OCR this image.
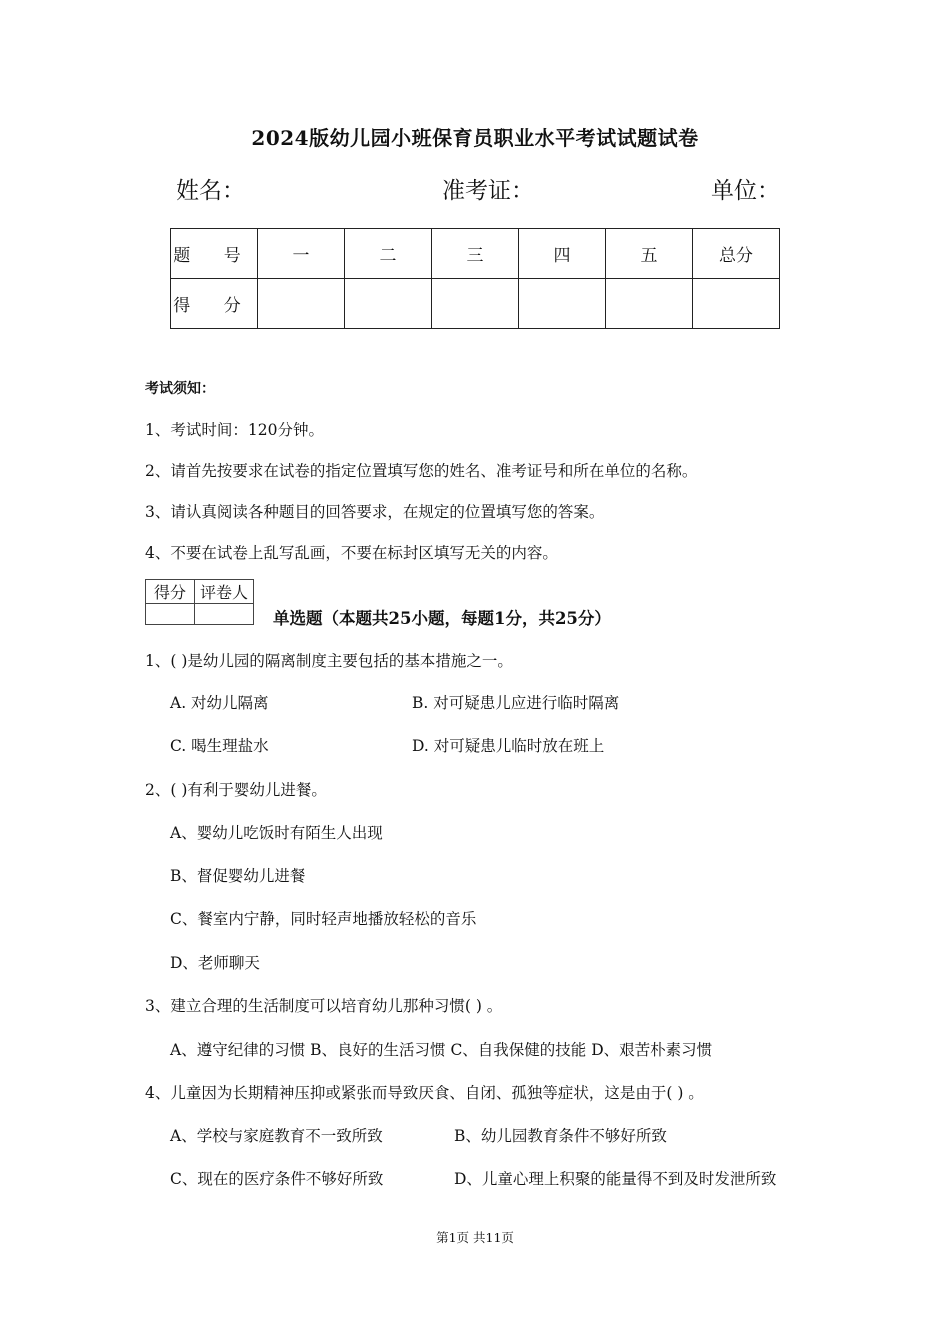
2024版幼儿园小班保育员职业水平考试试题试卷
姓名：	准考证：	单位：
题 号	一	二	三	四	五	总分
得 分						
考试须知：
1、考试时间：120分钟。
2、请首先按要求在试卷的指定位置填写您的姓名、准考证号和所在单位的名称。
3、请认真阅读各种题目的回答要求，在规定的位置填写您的答案。
4、不要在试卷上乱写乱画，不要在标封区填写无关的内容。
得分	评卷人

单选题（本题共25小题，每题1分，共25分）
1、( )是幼儿园的隔离制度主要包括的基本措施之一。
A. 对幼儿隔离	B. 对可疑患儿应进行临时隔离
C. 喝生理盐水	D. 对可疑患儿临时放在班上
2、( )有利于婴幼儿进餐。
A、婴幼儿吃饭时有陌生人出现
B、督促婴幼儿进餐
C、餐室内宁静，同时轻声地播放轻松的音乐
D、老师聊天
3、建立合理的生活制度可以培育幼儿那种习惯( ) 。
A、遵守纪律的习惯 B、良好的生活习惯 C、自我保健的技能 D、艰苦朴素习惯
4、儿童因为长期精神压抑或紧张而导致厌食、自闭、孤独等症状，这是由于( ) 。
A、学校与家庭教育不一致所致	B、幼儿园教育条件不够好所致
C、现在的医疗条件不够好所致	D、儿童心理上积聚的能量得不到及时发泄所致
第1页 共11页
